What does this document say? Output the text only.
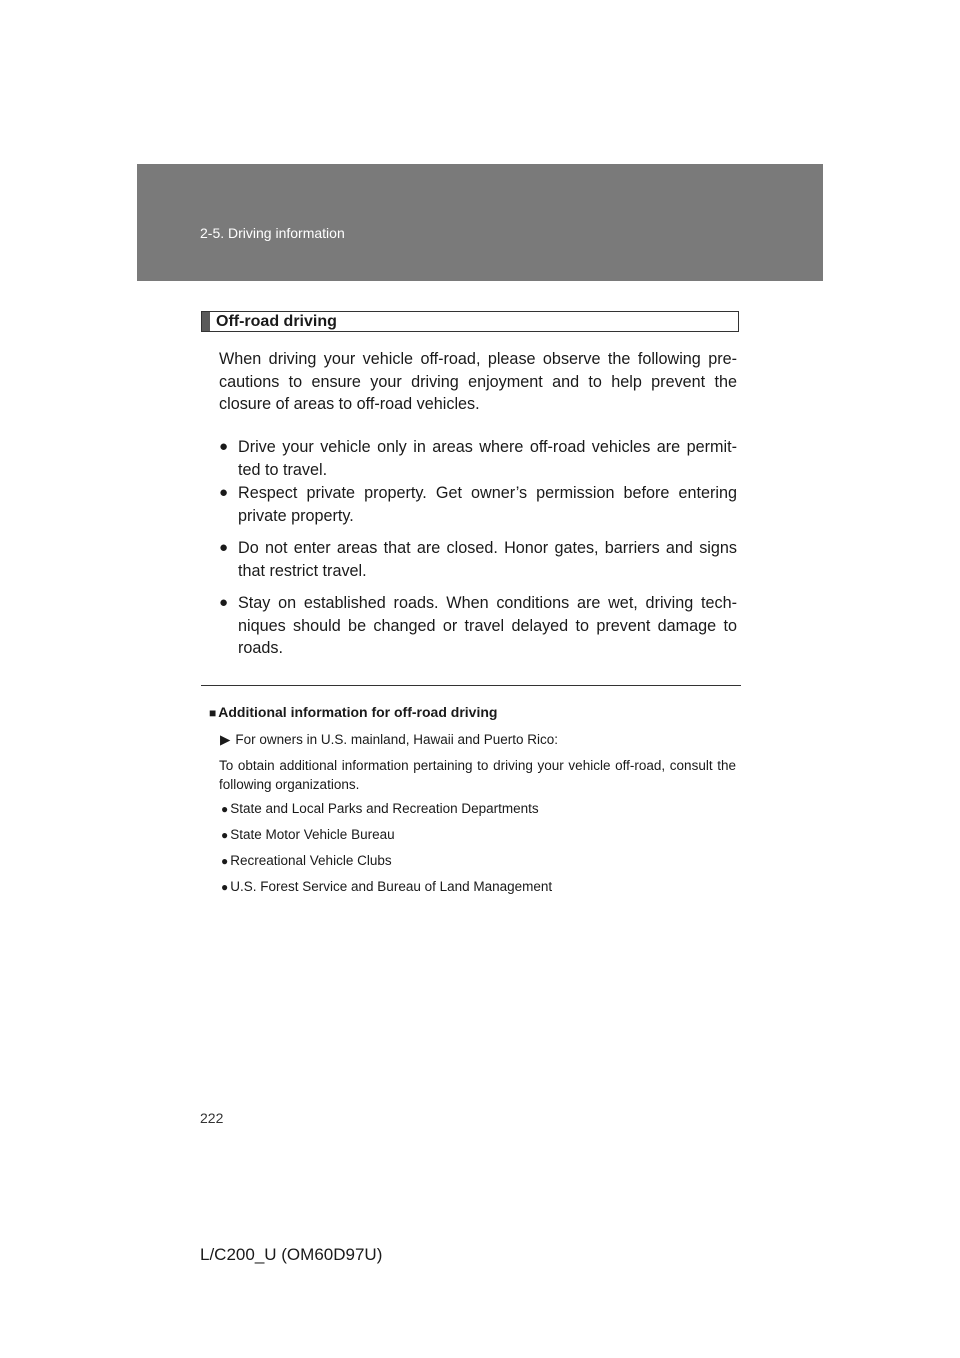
2-5. Driving information
Off-road driving

When driving your vehicle off-road, please observe the following pre-cautions to ensure your driving enjoyment and to help prevent the closure of areas to off-road vehicles.

● Drive your vehicle only in areas where off-road vehicles are permit-ted to travel.
● Respect private property. Get owner’s permission before entering private property.
● Do not enter areas that are closed. Honor gates, barriers and signs that restrict travel.
● Stay on established roads. When conditions are wet, driving tech-niques should be changed or travel delayed to prevent damage to roads.
■ Additional information for off-road driving
▶ For owners in U.S. mainland, Hawaii and Puerto Rico:
To obtain additional information pertaining to driving your vehicle off-road, consult the following organizations.
● State and Local Parks and Recreation Departments
● State Motor Vehicle Bureau
● Recreational Vehicle Clubs
● U.S. Forest Service and Bureau of Land Management
222
L/C200_U (OM60D97U)
